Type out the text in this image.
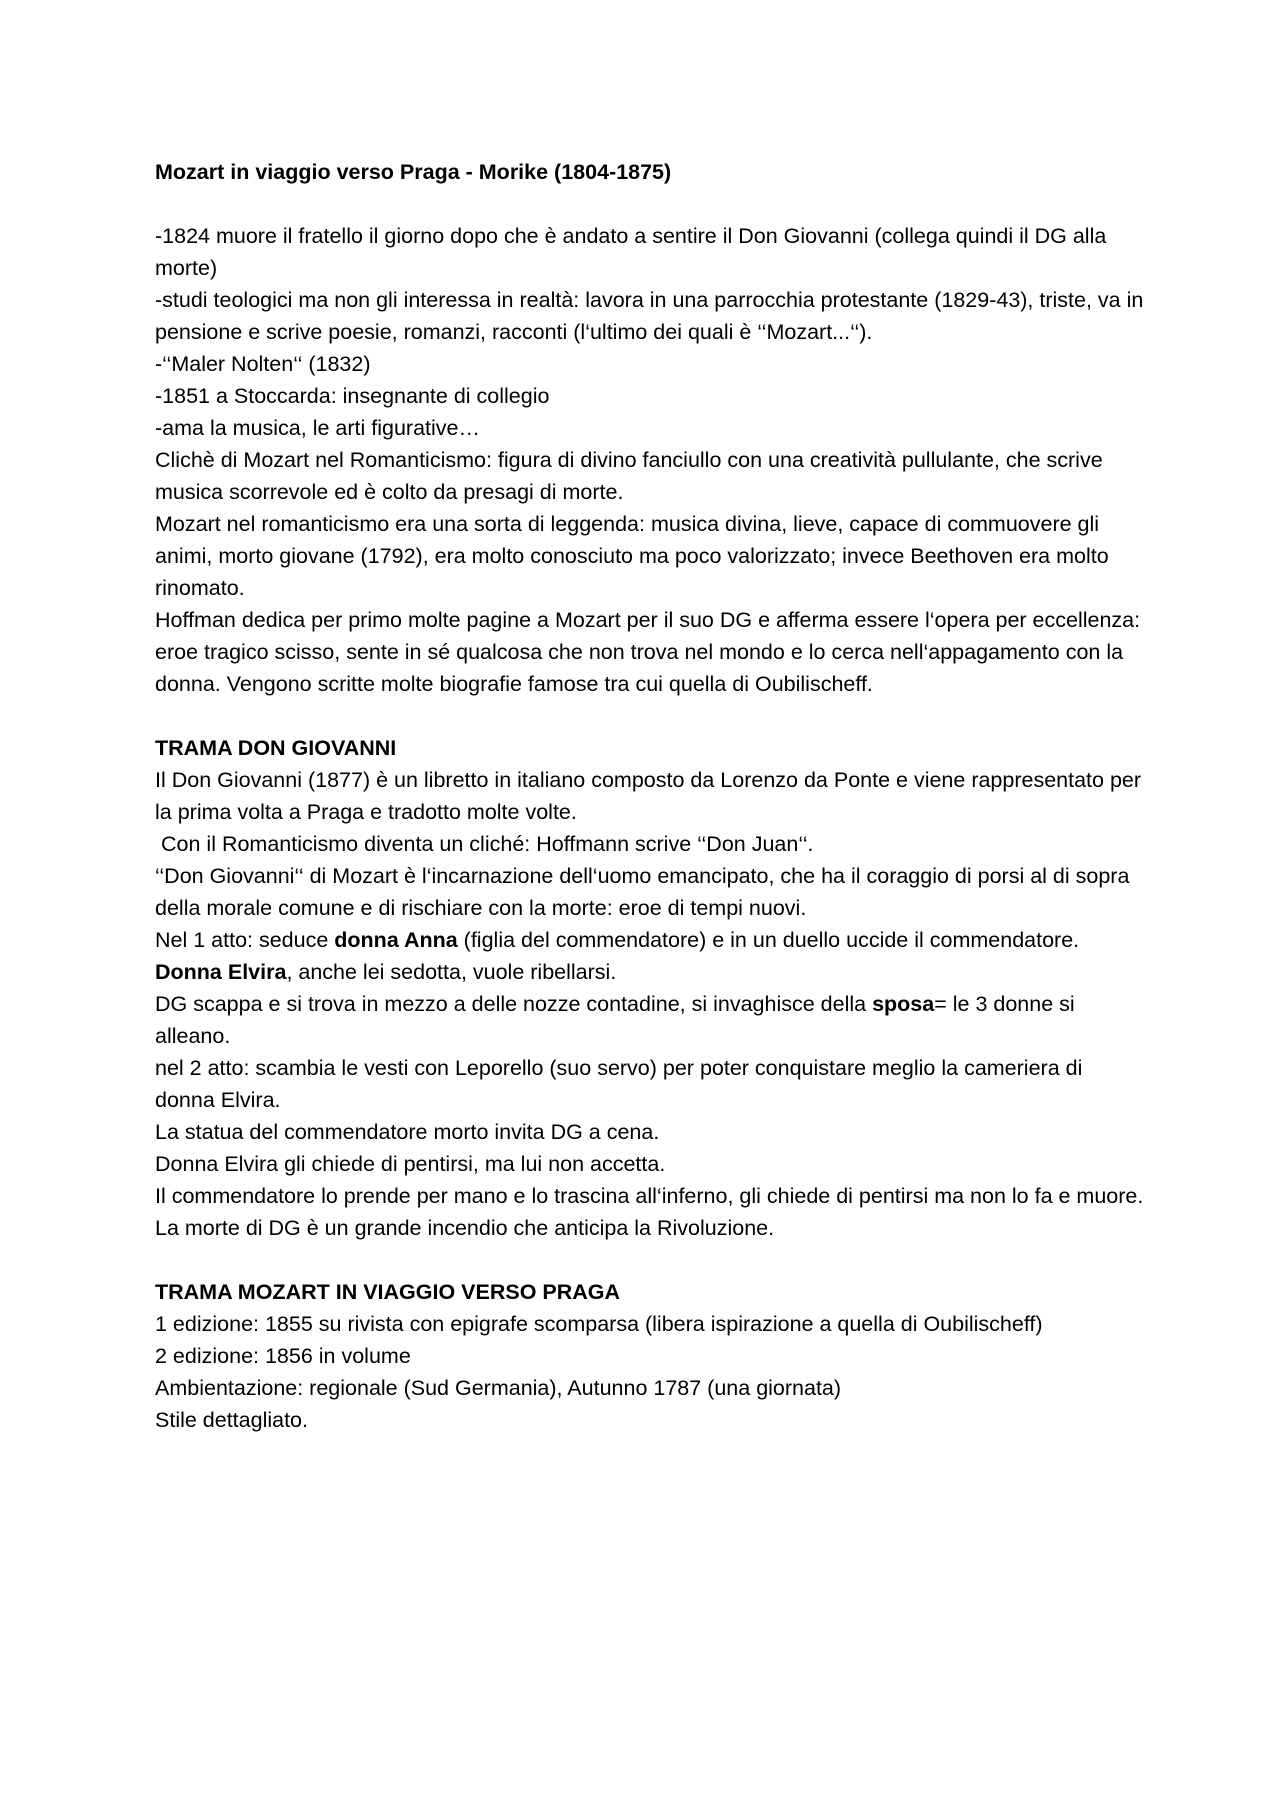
Mozart in viaggio verso Praga - Morike (1804-1875)

-1824 muore il fratello il giorno dopo che è andato a sentire il Don Giovanni (collega quindi il DG alla morte)

-studi teologici ma non gli interessa in realtà: lavora in una parrocchia protestante (1829-43), triste, va in pensione e scrive poesie, romanzi, racconti (l‘ultimo dei quali è ‘‘Mozart...‘‘).

-‘‘Maler Nolten‘‘ (1832)

-1851 a Stoccarda: insegnante di collegio

-ama la musica, le arti figurative…

Clichè di Mozart nel Romanticismo: figura di divino fanciullo con una creatività pullulante, che scrive musica scorrevole ed è colto da presagi di morte.

Mozart nel romanticismo era una sorta di leggenda: musica divina, lieve, capace di commuovere gli animi, morto giovane (1792), era molto conosciuto ma poco valorizzato; invece Beethoven era molto rinomato.

Hoffman dedica per primo molte pagine a Mozart per il suo DG e afferma essere l‘opera per eccellenza: eroe tragico scisso, sente in sé qualcosa che non trova nel mondo e lo cerca nell‘appagamento con la donna. Vengono scritte molte biografie famose tra cui quella di Oubilischeff.

TRAMA DON GIOVANNI

Il Don Giovanni (1877) è un libretto in italiano composto da Lorenzo da Ponte e viene rappresentato per la prima volta a Praga e tradotto molte volte.

Con il Romanticismo diventa un cliché: Hoffmann scrive ‘‘Don Juan‘‘.

‘‘Don Giovanni‘‘ di Mozart è l‘incarnazione dell‘uomo emancipato, che ha il coraggio di porsi al di sopra della morale comune e di rischiare con la morte: eroe di tempi nuovi.

Nel 1 atto: seduce donna Anna (figlia del commendatore) e in un duello uccide il commendatore.

Donna Elvira, anche lei sedotta, vuole ribellarsi.

DG scappa e si trova in mezzo a delle nozze contadine, si invaghisce della sposa= le 3 donne si alleano.

nel 2 atto: scambia le vesti con Leporello (suo servo) per poter conquistare meglio la cameriera di donna Elvira.

La statua del commendatore morto invita DG a cena.

Donna Elvira gli chiede di pentirsi, ma lui non accetta.

Il commendatore lo prende per mano e lo trascina all‘inferno, gli chiede di pentirsi ma non lo fa e muore.

La morte di DG è un grande incendio che anticipa la Rivoluzione.

TRAMA MOZART IN VIAGGIO VERSO PRAGA

1 edizione: 1855 su rivista con epigrafe scomparsa (libera ispirazione a quella di Oubilischeff)

2 edizione: 1856 in volume

Ambientazione: regionale (Sud Germania), Autunno 1787 (una giornata)

Stile dettagliato.
